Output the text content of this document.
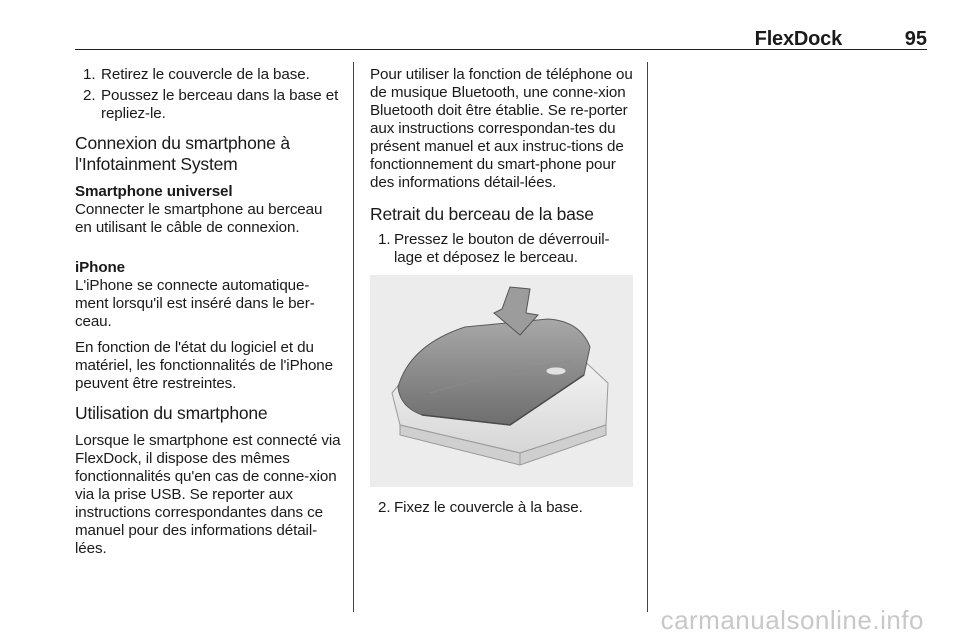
FlexDock	95
1. Retirez le couvercle de la base.
2. Poussez le berceau dans la base et repliez-le.
Connexion du smartphone à l'Infotainment System
Smartphone universel

Connecter le smartphone au berceau en utilisant le câble de connexion.

iPhone

L'iPhone se connecte automatique-ment lorsqu'il est inséré dans le ber-ceau.

En fonction de l'état du logiciel et du matériel, les fonctionnalités de l'iPhone peuvent être restreintes.

Utilisation du smartphone

Lorsque le smartphone est connecté via FlexDock, il dispose des mêmes fonctionnalités qu'en cas de conne-xion via la prise USB. Se reporter aux instructions correspondantes dans ce manuel pour des informations détail-lées.

Pour utiliser la fonction de téléphone ou de musique Bluetooth, une conne-xion Bluetooth doit être établie. Se re-porter aux instructions correspondan-tes du présent manuel et aux instruc-tions de fonctionnement du smart-phone pour des informations détail-lées.

Retrait du berceau de la base
1. Pressez le bouton de déverrouil-lage et déposez le berceau.
2. Fixez le couvercle à la base.
carmanualsonline.info
